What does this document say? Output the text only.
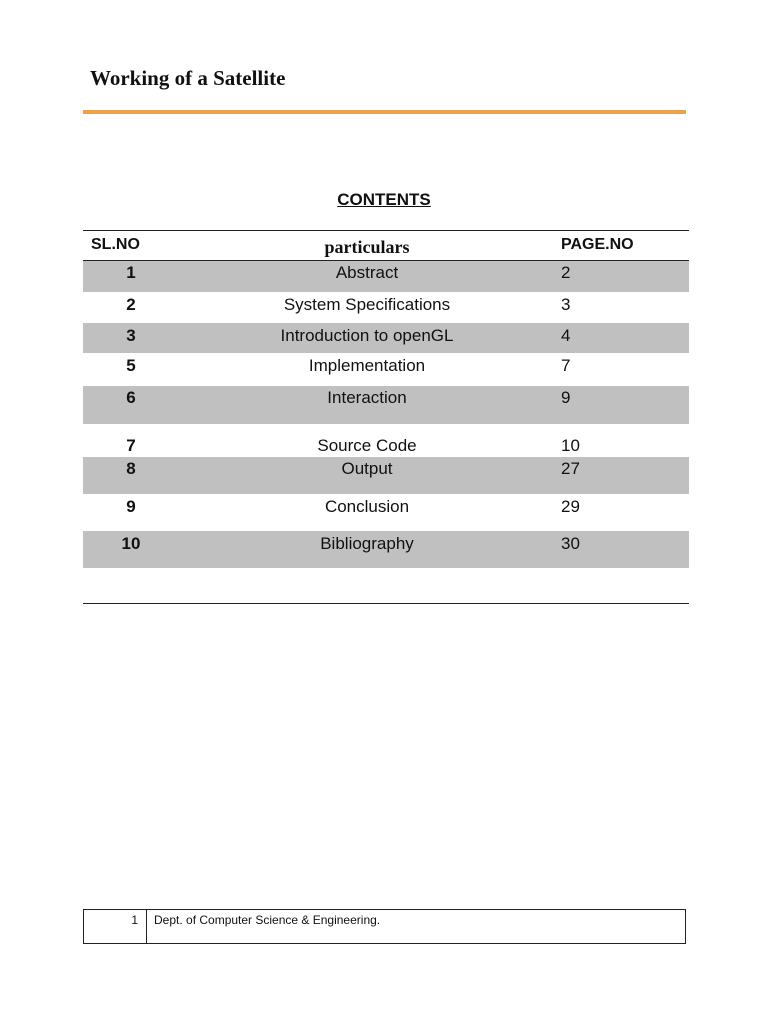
Working of a Satellite
CONTENTS
SL.NO	particulars	PAGE.NO
1	Abstract	2
2	System Specifications	3
3	Introduction to openGL	4
5	Implementation	7
6	Interaction	9
7	Source Code	10
8	Output	27
9	Conclusion	29
10	Bibliography	30
1 Dept. of Computer Science & Engineering.
